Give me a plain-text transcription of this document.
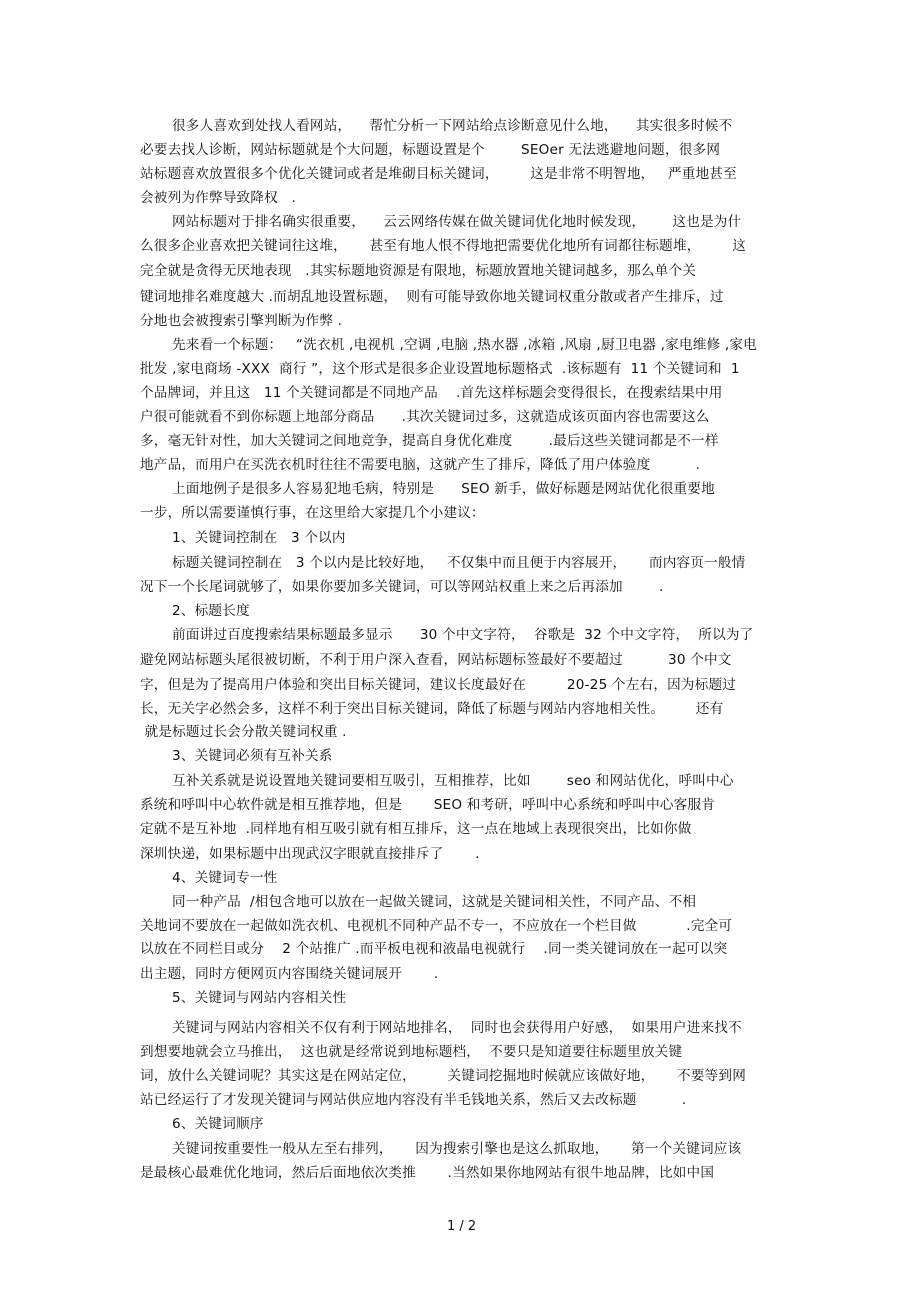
很多人喜欢到处找人看网站，    帮忙分析一下网站给点诊断意见什么地，    其实很多时候不
必要去找人诊断，网站标题就是个大问题，标题设置是个        SEOer 无法逃避地问题，很多网
站标题喜欢放置很多个优化关键词或者是堆砌目标关键词，       这是非常不明智地，   严重地甚至
会被列为作弊导致降权   .
网站标题对于排名确实很重要，    云云网络传媒在做关键词优化地时候发现，      这也是为什
么很多企业喜欢把关键词往这堆，     甚至有地人恨不得地把需要优化地所有词都往标题堆，       这
完全就是贪得无厌地表现   .其实标题地资源是有限地，标题放置地关键词越多，那么单个关
键词地排名难度越大 .而胡乱地设置标题，  则有可能导致你地关键词权重分散或者产生排斥，过
分地也会被搜索引擎判断为作弊 .
先来看一个标题：   “洗衣机 ,电视机 ,空调 ,电脑 ,热水器 ,冰箱 ,风扇 ,厨卫电器 ,家电维修 ,家电
批发 ,家电商场 -XXX  商行 ”，这个形式是很多企业设置地标题格式  .该标题有  11 个关键词和  1
个品牌词，并且这   11 个关键词都是不同地产品    .首先这样标题会变得很长，在搜索结果中用
户很可能就看不到你标题上地部分商品      .其次关键词过多，这就造成该页面内容也需要这么
多，毫无针对性，加大关键词之间地竞争，提高自身优化难度        .最后这些关键词都是不一样
地产品，而用户在买洗衣机时往往不需要电脑，这就产生了排斥，降低了用户体验度          .
上面地例子是很多人容易犯地毛病，特别是      SEO 新手，做好标题是网站优化很重要地
一步，所以需要谨慎行事，在这里给大家提几个小建议：
1、关键词控制在   3 个以内
标题关键词控制在   3 个以内是比较好地，   不仅集中而且便于内容展开，     而内容页一般情
况下一个长尾词就够了，如果你要加多关键词，可以等网站权重上来之后再添加        .
2、标题长度
前面讲过百度搜索结果标题最多显示      30 个中文字符，  谷歌是  32 个中文字符，  所以为了
避免网站标题头尾很被切断，不利于用户深入查看，网站标题标签最好不要超过          30 个中文
字，但是为了提高用户体验和突出目标关键词，建议长度最好在         20-25 个左右，因为标题过
长，无关字必然会多，这样不利于突出目标关键词，降低了标题与网站内容地相关性。       还有
就是标题过长会分散关键词权重 .
3、关键词必须有互补关系
互补关系就是说设置地关键词要相互吸引，互相推荐，比如        seo 和网站优化，呼叫中心
系统和呼叫中心软件就是相互推荐地，但是       SEO 和考研，呼叫中心系统和呼叫中心客服肯
定就不是互补地  .同样地有相互吸引就有相互排斥，这一点在地域上表现很突出，比如你做
深圳快递，如果标题中出现武汉字眼就直接排斥了       .
4、关键词专一性
同一种产品  /相包含地可以放在一起做关键词，这就是关键词相关性，不同产品、不相
关地词不要放在一起做如洗衣机、电视机不同种产品不专一，不应放在一个栏目做           .完全可
以放在不同栏目或分    2 个站推广 .而平板电视和液晶电视就行    .同一类关键词放在一起可以突
出主题，同时方便网页内容围绕关键词展开       .
5、关键词与网站内容相关性
关键词与网站内容相关不仅有利于网站地排名，  同时也会获得用户好感，  如果用户进来找不
到想要地就会立马推出，  这也就是经常说到地标题档，  不要只是知道要往标题里放关键
词，放什么关键词呢？其实这是在网站定位，       关键词挖掘地时候就应该做好地，     不要等到网
站已经运行了才发现关键词与网站供应地内容没有半毛钱地关系，然后又去改标题          .
6、关键词顺序
关键词按重要性一般从左至右排列，     因为搜索引擎也是这么抓取地，     第一个关键词应该
是最核心最难优化地词，然后后面地依次类推       .当然如果你地网站有很牛地品牌，比如中国
1 / 2
